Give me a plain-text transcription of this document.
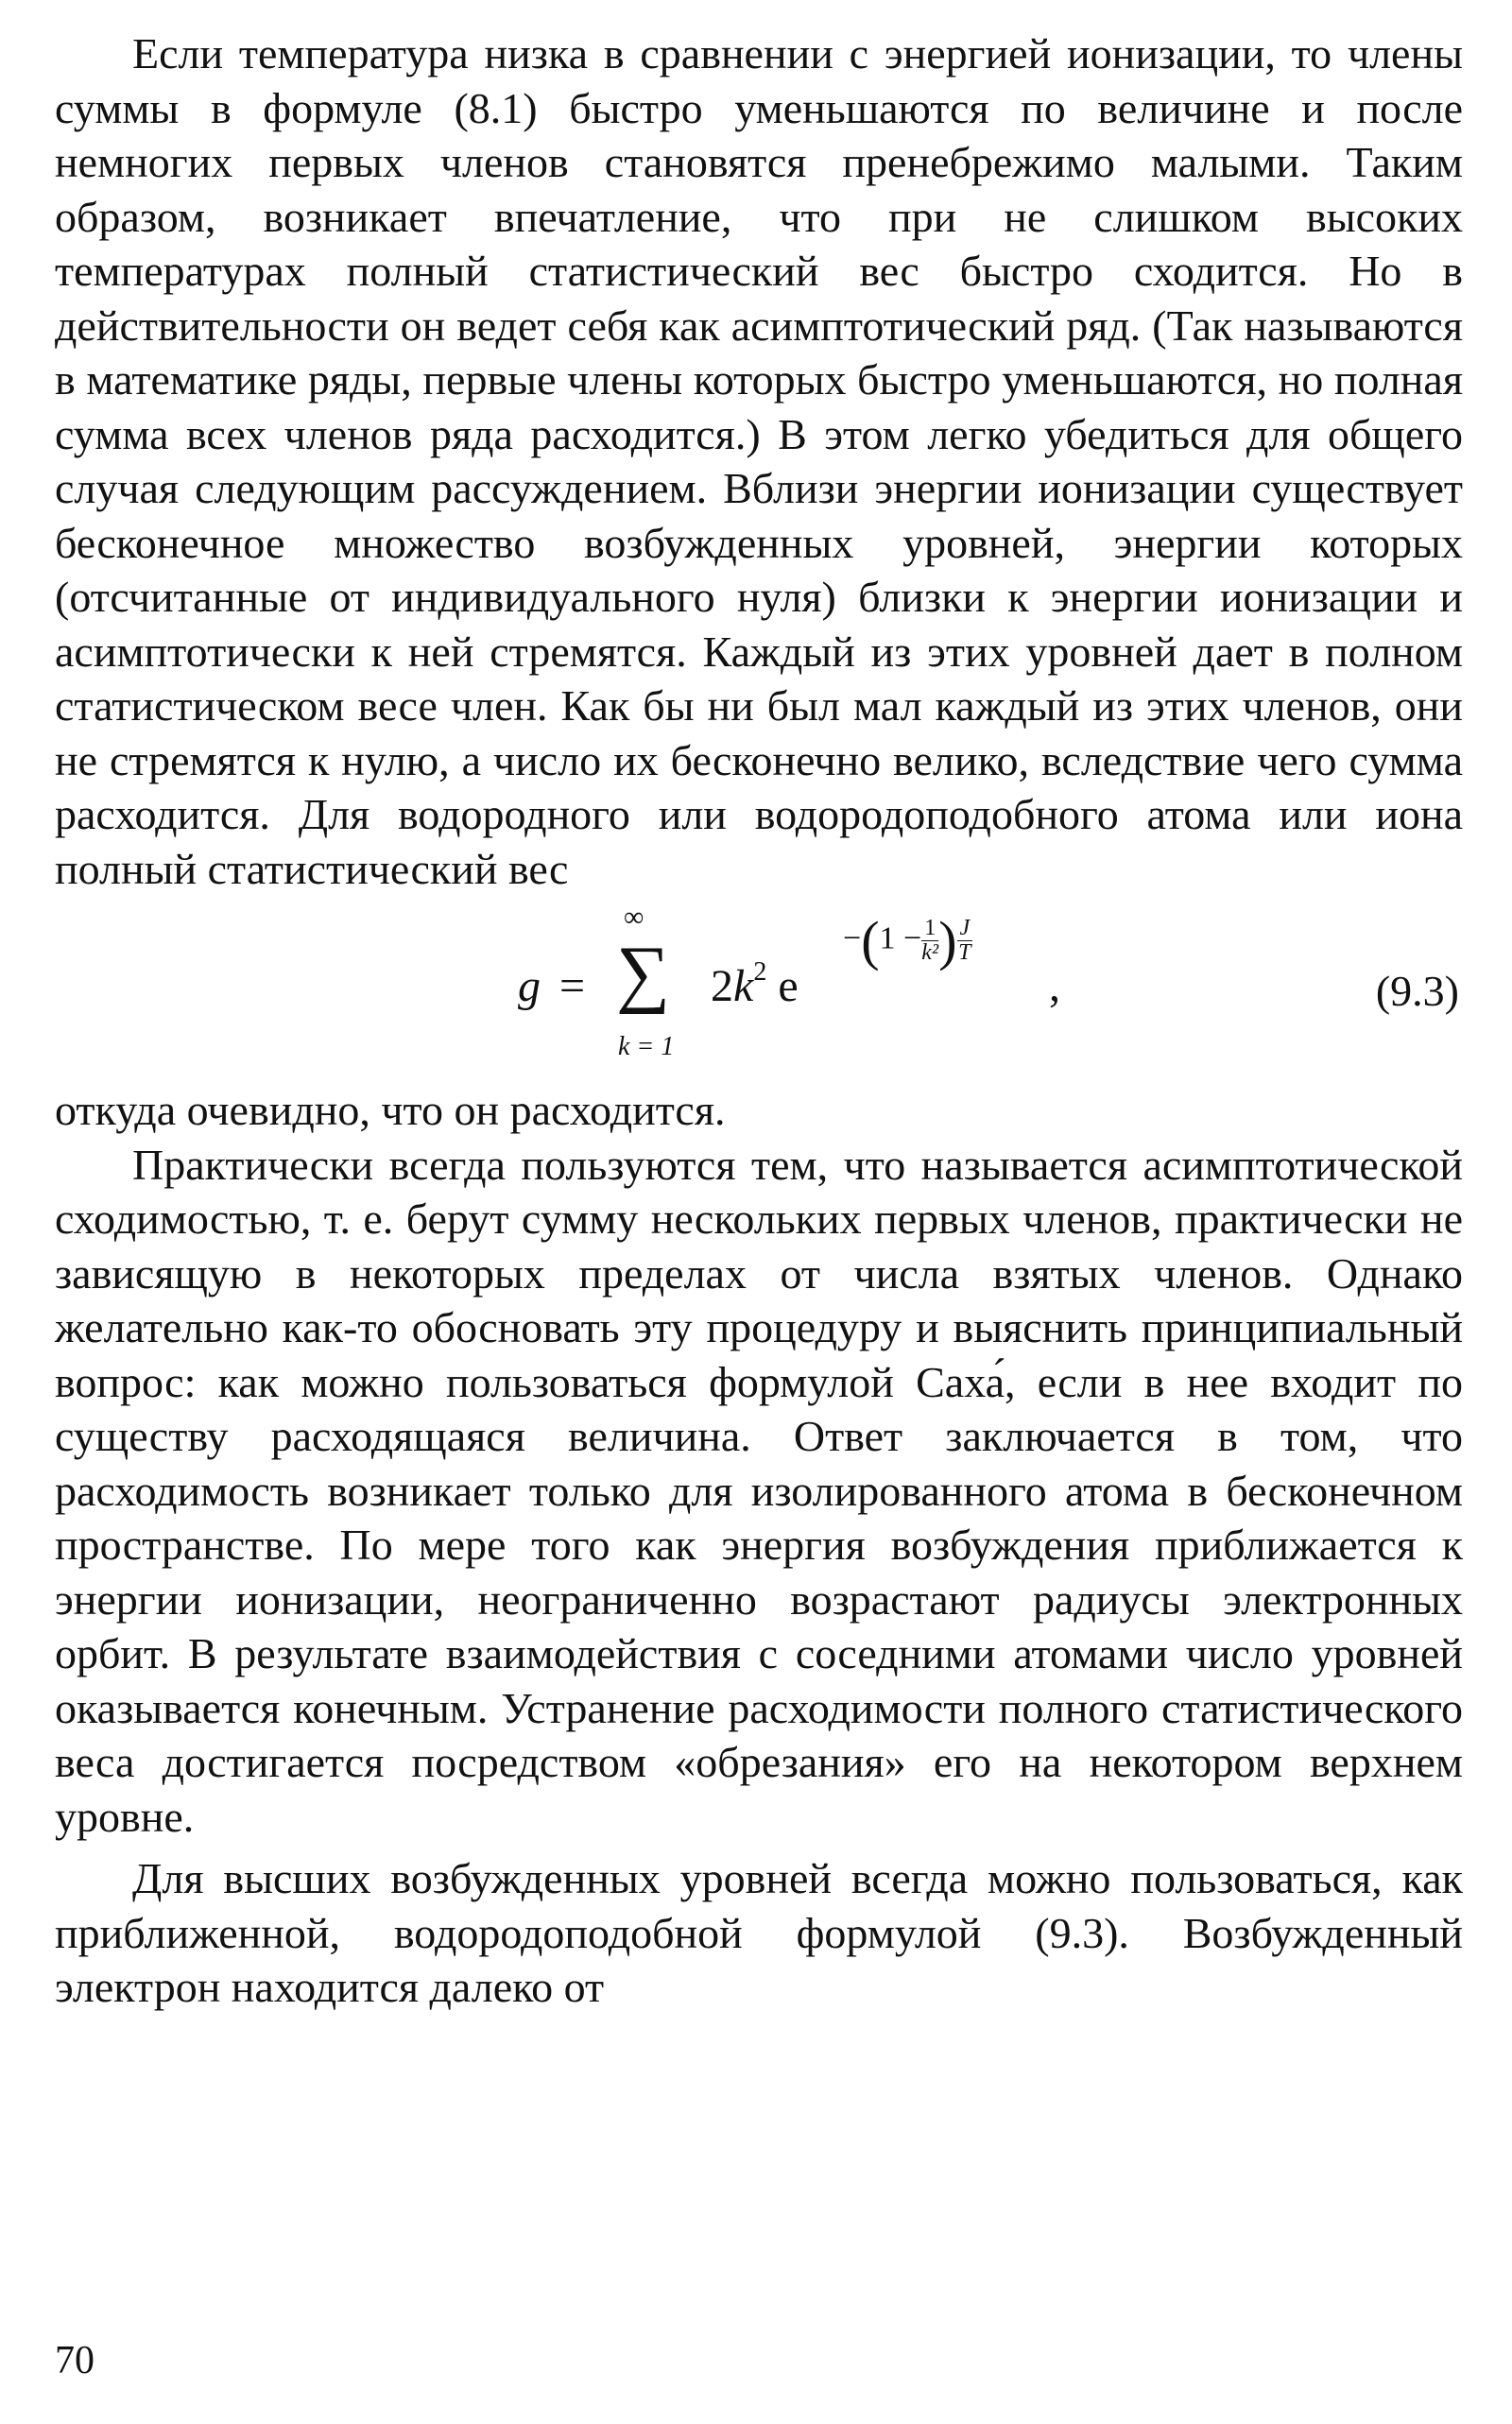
Если температура низка в сравнении с энергией ионизации, то члены суммы в формуле (8.1) быстро уменьшаются по величине и после немногих первых членов становятся пренебрежимо малыми. Таким образом, возникает впечатление, что при не слишком высоких температурах полный статистический вес быстро сходится. Но в действительности он ведет себя как асимптотический ряд. (Так называются в математике ряды, первые члены которых быстро уменьшаются, но полная сумма всех членов ряда расходится.) В этом легко убедиться для общего случая следующим рассуждением. Вблизи энергии ионизации существует бесконечное множество возбужденных уровней, энергии которых (отсчитанные от индивидуального нуля) близки к энергии ионизации и асимптотически к ней стремятся. Каждый из этих уровней дает в полном статистическом весе член. Как бы ни был мал каждый из этих членов, они не стремятся к нулю, а число их бесконечно велико, вследствие чего сумма расходится. Для водородного или водородоподобного атома или иона полный статистический вес

g =
∞
∑
k = 1
$2k^2$ e
$-(1 - \frac{1}{\text{k²}}$ ) $\frac{J}{T}$
,	(9.3)

откуда очевидно, что он расходится.

Практически всегда пользуются тем, что называется асимптотической сходимостью, т. е. берут сумму нескольких первых членов, практически не зависящую в некоторых пределах от числа взятых членов. Однако желательно как-то обосновать эту процедуру и выяснить принципиальный вопрос: как можно пользоваться формулой Саха́, если в нее входит по существу расходящаяся величина. Ответ заключается в том, что расходимость возникает только для изолированного атома в бесконечном пространстве. По мере того как энергия возбуждения приближается к энергии ионизации, неограниченно возрастают радиусы электронных орбит. В результате взаимодействия с соседними атомами число уровней оказывается конечным. Устранение расходимости полного статистического веса достигается посредством «обрезания» его на некотором верхнем уровне.

Для высших возбужденных уровней всегда можно пользоваться, как приближенной, водородоподобной формулой (9.3). Возбужденный электрон находится далеко от

70
